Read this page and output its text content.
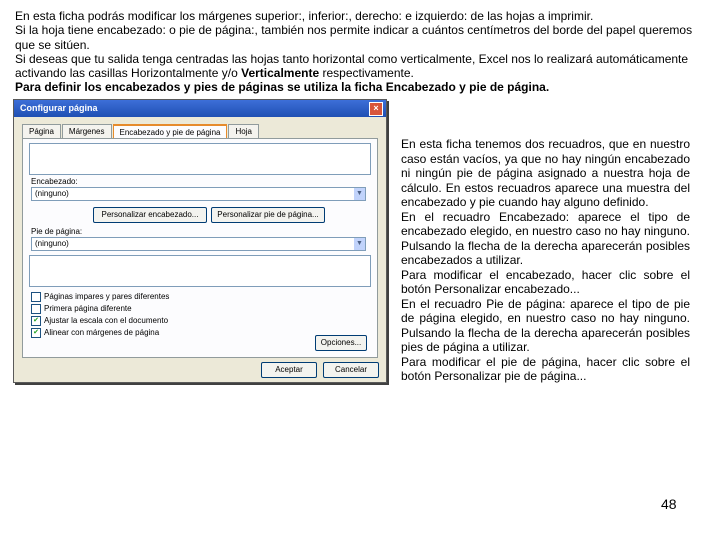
En esta ficha podrás modificar los márgenes superior:, inferior:, derecho: e izquierdo: de las hojas a imprimir.

Si la hoja tiene encabezado: o pie de página:, también nos permite indicar a cuántos centímetros del borde del papel queremos que se sitúen.

Si deseas que tu salida tenga centradas las hojas tanto horizontal como verticalmente, Excel nos lo realizará automáticamente activando las casillas Horizontalmente y/o Verticalmente respectivamente.

Para definir los encabezados y pies de páginas se utiliza la ficha Encabezado y pie de página.

Configurar página	×
Página	Márgenes	Encabezado y pie de página	Hoja
Encabezado:
(ninguno)	▼
Personalizar encabezado...	Personalizar pie de página...
Pie de página:
(ninguno)	▼
Páginas impares y pares diferentes
Primera página diferente
✔ Ajustar la escala con el documento
✔ Alinear con márgenes de página
Opciones...
Aceptar	Cancelar

En esta ficha tenemos dos recuadros, que en nuestro caso están vacíos, ya que no hay ningún encabezado ni ningún pie de página asignado a nuestra hoja de cálculo. En estos recuadros aparece una muestra del encabezado y pie cuando hay alguno definido.

En el recuadro Encabezado: aparece el tipo de encabezado elegido, en nuestro caso no hay ninguno. Pulsando la flecha de la derecha aparecerán posibles encabezados a utilizar.

Para modificar el encabezado, hacer clic sobre el botón Personalizar encabezado...

En el recuadro Pie de página: aparece el tipo de pie de página elegido, en nuestro caso no hay ninguno. Pulsando la flecha de la derecha aparecerán posibles pies de página a utilizar.

Para modificar el pie de página, hacer clic sobre el botón Personalizar pie de página...

48
